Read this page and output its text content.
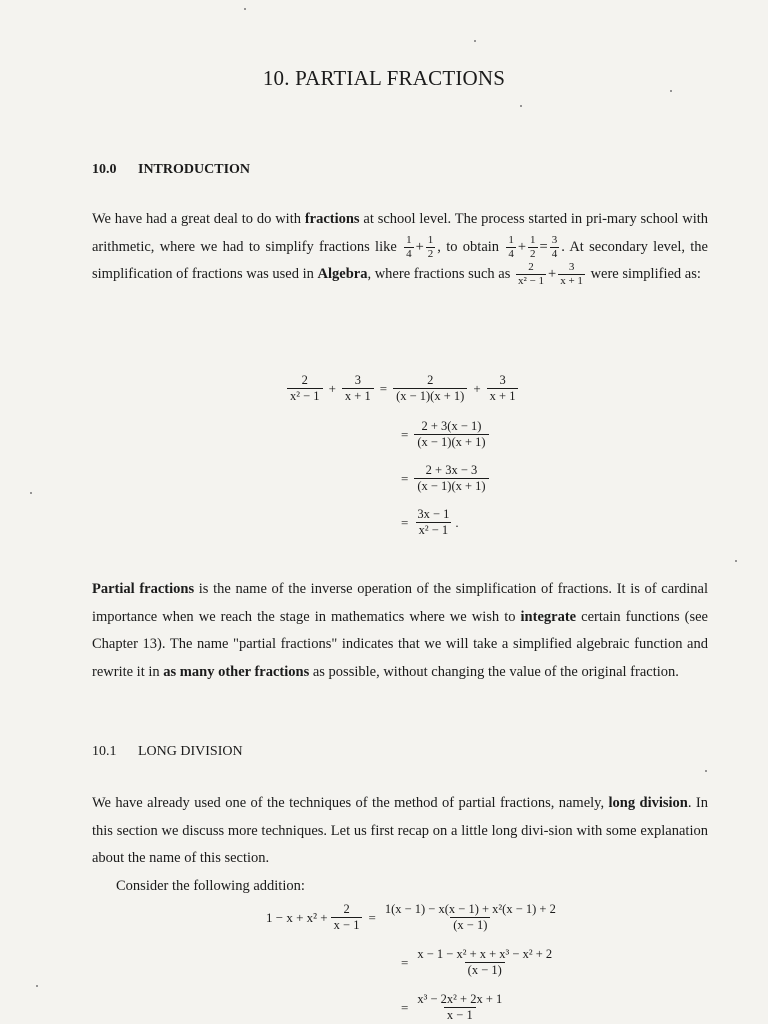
10. PARTIAL FRACTIONS
10.0 INTRODUCTION
We have had a great deal to do with fractions at school level. The process started in pri-mary school with arithmetic, where we had to simplify fractions like $\frac{1}{4} + \frac{1}{2}$ , to obtain $\frac{1}{4} + \frac{1}{2} = \frac{3}{4}$ . At secondary level, the simplification of fractions was used in Algebra, where fractions such as $\frac{2}{\text{x² − 1}} + \frac{3}{x + 1}$ were simplified as:
$\frac{2}{\text{x² − 1}} + \frac{3}{x + 1} = \frac{2}{(x - 1)(x + 1)} + \frac{3}{x + 1}$
= $\frac{2 + 3(x - 1)}{(x - 1)(x + 1)}$
= $\frac{2 + 3x - 3}{(x - 1)(x + 1)}$
= $\frac{3x - 1}{\text{x² − 1}}$ .
Partial fractions is the name of the inverse operation of the simplification of fractions. It is of cardinal importance when we reach the stage in mathematics where we wish to integrate certain functions (see Chapter 13). The name "partial fractions" indicates that we will take a simplified algebraic function and rewrite it in as many other fractions as possible, without changing the value of the original fraction.
10.1 LONG DIVISION
We have already used one of the techniques of the method of partial fractions, namely, long division. In this section we discuss more techniques. Let us first recap on a little long divi-sion with some explanation about the name of this section.
Consider the following addition:
$1 - x + x^2 + \frac{2}{x - 1} = \frac{\text{1(x − 1) − x(x − 1) + x²(x − 1) + 2}}{(x - 1)}$
= $\frac{\text{x − 1 − x² + x + x³ − x² + 2}}{(x - 1)}$
= $\frac{\text{x³ − 2x² + 2x + 1}}{x - 1}$
